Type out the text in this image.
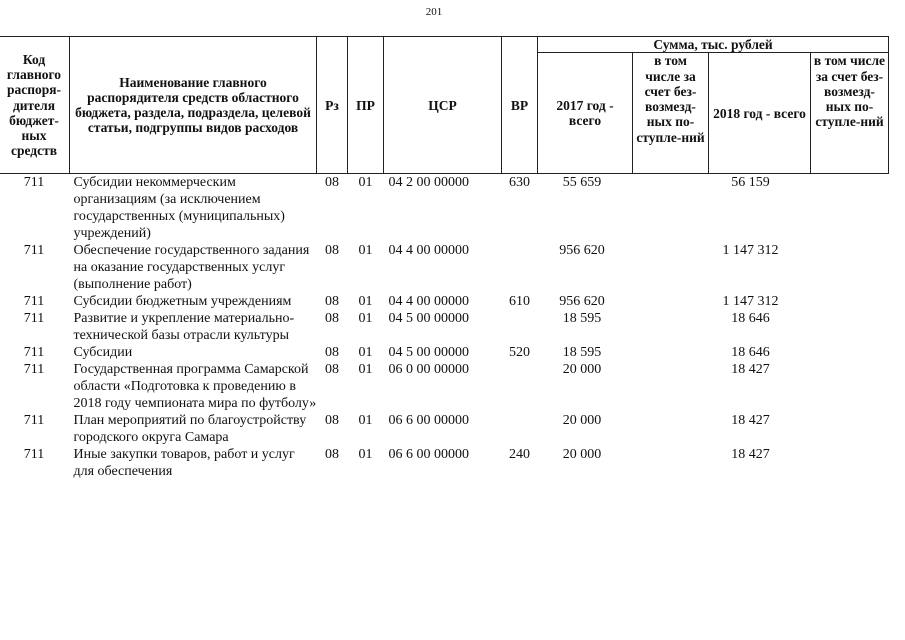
201
Код главного распоря-дителя бюджет-ных средств	Наименование главного распорядителя средств областного бюджета, раздела, подраздела, целевой статьи, подгруппы видов расходов	Рз	ПР	ЦСР	ВР	Сумма, тыс. рублей			
						2017 год - всего	в том числе за счет без-возмезд-ных по-ступле-ний	2018 год - всего	в том числе за счет без-возмезд-ных по-ступле-ний
711	Субсидии некоммерческим организациям (за исключением государственных (муниципальных) учреждений)	08	01	04 2 00 00000	630	55 659		56 159	
711	Обеспечение государственного задания на оказание государственных услуг (выполнение работ)	08	01	04 4 00 00000		956 620		1 147 312	
711	Субсидии бюджетным учреждениям	08	01	04 4 00 00000	610	956 620		1 147 312	
711	Развитие и укрепление материально-технической базы отрасли культуры	08	01	04 5 00 00000		18 595		18 646	
711	Субсидии	08	01	04 5 00 00000	520	18 595		18 646	
711	Государственная программа Самарской области «Подготовка к проведению в 2018 году чемпионата мира по футболу»	08	01	06 0 00 00000		20 000		18 427	
711	План мероприятий по благоустройству городского округа Самара	08	01	06 6 00 00000		20 000		18 427	
711	Иные закупки товаров, работ и услуг для обеспечения	08	01	06 6 00 00000	240	20 000		18 427	
